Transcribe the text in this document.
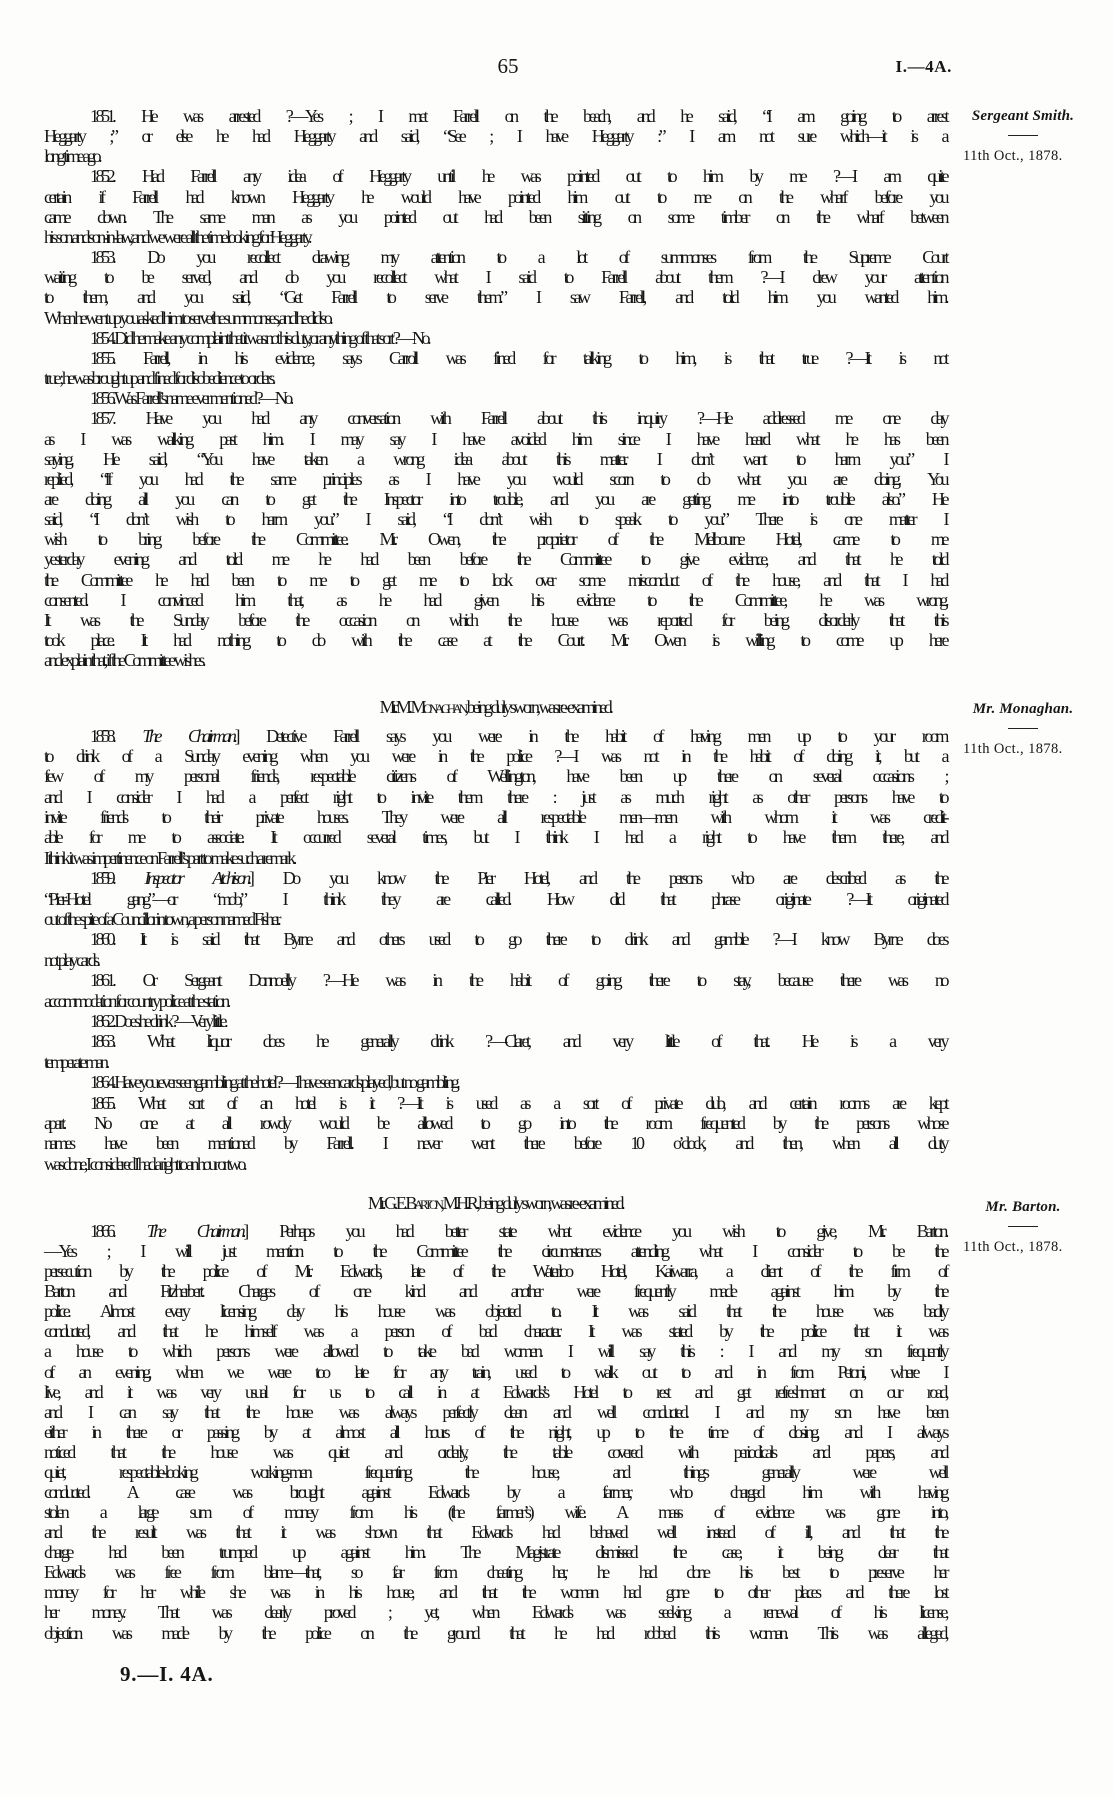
65	I.—4A.
1851. He was arrested ?—Yes ; I met Farrell on the beach, and he said, “I am going to arrest
Heggarty ;” or else he had Heggarty and said, “See ; I have Heggarty :” I am not sure which—it is a
long time ago.
1852. Had Farrell any idea of Heggarty until he was pointed out to him by me ?—I am quite
certain if Farrell had known Heggarty he would have pointed him out to me on the wharf before you
came down. The same man as you pointed out had been sitting on some timber on the wharf between
his son and son-in-law, and we were all the time looking for Heggarty.
1853. Do you recollect drawing my attention to a lot of summonses from the Supreme Court
waiting to be served, and do you recollect what I said to Farrell about them ?—I drew your attention
to them, and you said, “Get Farrell to serve them.” I saw Farrell, and told him you wanted him.
When he went up you asked him to serve the summonses, and he did so.
1854. Did he make any complaint that it was not his duty, or anything of that sort ?—No.
1855. Farrell, in his evidence, says Carroll was fined for talking to him, is that true ?—It is not
true ; he was brought up and fined for disobedience to orders.
1856. Was Farrell’s name ever mentioned ?—No.
1857. Have you had any conversation with Farrell about this inquiry ?—He addressed me one day
as I was walking past him. I may say I have avoided him since I have heard what he has been
saying. He said, “You have taken a wrong idea about this matter. I don’t want to harm you.” I
replied, “If you had the same principles as I have you would scorn to do what you are doing. You
are doing all you can to get the Inspector into trouble, and you are getting me into trouble also.” He
said, “I don’t wish to harm you.” I said, “I don’t wish to speak to you.” There is one matter I
wish to bring before the Committee. Mr. Owen, the proprietor of the Melbourne Hotel, came to me
yesterday evening and told me he had been before the Committee to give evidence, and that he told
the Committee he had been to me to get me to look over some misconduct of the house, and that I had
consented. I convinced him that, as he had given his evidence to the Committee, he was wrong.
It was the Sunday before the occasion on which the house was reported for being disorderly that this
took place. It had nothing to do with the case at the Court. Mr. Owen is willing to come up here
and explain that, if the Committee wishes.
Sergeant Smith.
11th Oct., 1878.
Mr. M. Monaghan, being duly sworn, was re-examined.
1858. The Chairman.] Detective Farrell says you were in the habit of having men up to your room
to drink of a Sunday evening when you were in the police ?—I was not in the habit of doing it, but a
few of my personal friends, respectable citizens of Wellington, have been up there on several occasions ;
and I consider I had a perfect right to invite them there : just as much right as other persons have to
invite friends to their private houses. They were all respectable men—men with whom it was credit-
able for me to associate. It occurred several times, but I think I had a right to have them there, and
I think it was impertinence on Farrell’s part to make such a remark.
1859. Inspector Atchison.] Do you know the Pier Hotel, and the persons who are described as the
“Pier-Hotel gang”—or “mob,” I think they are called. How did that phrase originate ?—It originated
out of the spite of a Councillor in town, a person named Fisher.
1860. It is said that Byrne and others used to go there to drink and gamble ?—I know Byrne does
not play cards.
1861. Or Sergeant Donnoelly ?—He was in the habit of going there to stay, because there was no
accommodation for country police at the station.
1862. Does he drink ?—Very little.
1863. What liquor does he generally drink ?—Claret, and very little of that. He is a very
temperate man.
1864. Have you ever seen gambling at the hotel ?—I have seen cards played, but no gambling.
1865. What sort of an hotel is it ?—It is used as a sort of private club, and certain rooms are kept
apart. No one at all rowdy would be allowed to go into the room frequented by the persons whose
names have been mentioned by Farrell. I never went there before 10 o’clock, and then, when all duty
was done, I considered I had a right to an hour or two.
Mr. Monaghan.
11th Oct., 1878.
Mr. G. E. Barton, M.H.R., being duly sworn, was re-examined.
1866. The Chairman.] Perhaps you had better state what evidence you wish to give, Mr. Barton.
—Yes ; I will just mention to the Committee the circumstances attending what I consider to be the
persecution by the police of Mr. Edwards, late of the Waterloo Hotel, Kaiwarra, a client of the firm of
Barton and Fitzherbert. Charges of one kind and another were frequently made against him by the
police. Almost every licensing day his house was objected to. It was said that the house was badly
conducted, and that he himself was a person of bad character. It was stated by the police that it was
a house to which persons were allowed to take bad women. I will say this : I and my son frequently
of an evening, when we were too late for any train, used to walk out to and in from Petoni, where I
live, and it was very usual for us to call in at Edwards’s Hotel to rest and get refreshment on our road,
and I can say that the house was always perfectly clean and well conducted. I and my son have been
either in there or passing by at almost all hours of the night, up to the time of closing, and I always
noticed that the house was quiet and orderly, the table covered with periodicals and papers, and
quiet, respectable-looking working-men frequenting the house, and things generally were well
conducted. A case was brought against Edwards by a farmer, who charged him with having
stolen a large sum of money from his (the farmer’s) wife. A mass of evidence was gone into,
and the result was that it was shown that Edwards had behaved well instead of ill, and that the
charge had been trumped up against him. The Magistrate dismissed the case, it being clear that
Edwards was free from blame—that, so far from cheating her, he had done his best to preserve her
money for her while she was in his house, and that the woman had gone to other places and there lost
her money. That was clearly proved ; yet, when Edwards was seeking a renewal of his license,
objection was made by the police on the ground that he had robbed this woman. This was alleged,
Mr. Barton.
11th Oct., 1878.
9.—I. 4A.
